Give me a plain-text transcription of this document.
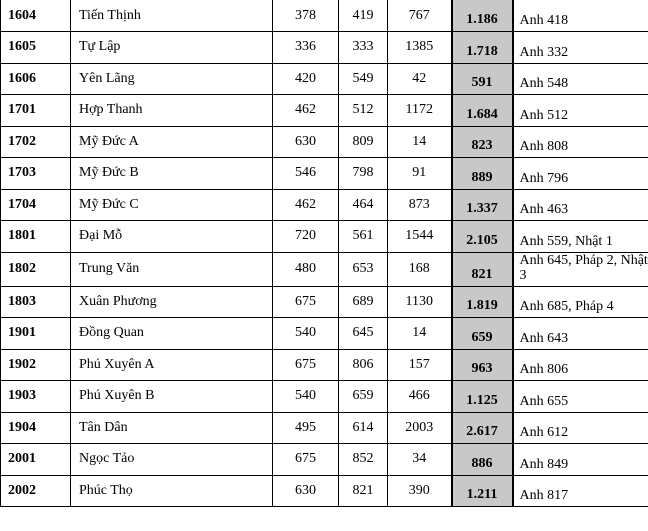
1604	Tiến Thịnh	378	419	767	1.186	Anh 418
1605	Tự Lập	336	333	1385	1.718	Anh 332
1606	Yên Lãng	420	549	42	591	Anh 548
1701	Hợp Thanh	462	512	1172	1.684	Anh 512
1702	Mỹ Đức A	630	809	14	823	Anh 808
1703	Mỹ Đức B	546	798	91	889	Anh 796
1704	Mỹ Đức C	462	464	873	1.337	Anh 463
1801	Đại Mỗ	720	561	1544	2.105	Anh 559, Nhật 1
1802	Trung Văn	480	653	168	821	Anh 645, Pháp 2, Nhật 3
1803	Xuân Phương	675	689	1130	1.819	Anh 685, Pháp 4
1901	Đồng Quan	540	645	14	659	Anh 643
1902	Phú Xuyên A	675	806	157	963	Anh 806
1903	Phú Xuyên B	540	659	466	1.125	Anh 655
1904	Tân Dân	495	614	2003	2.617	Anh 612
2001	Ngọc Tảo	675	852	34	886	Anh 849
2002	Phúc Thọ	630	821	390	1.211	Anh 817
